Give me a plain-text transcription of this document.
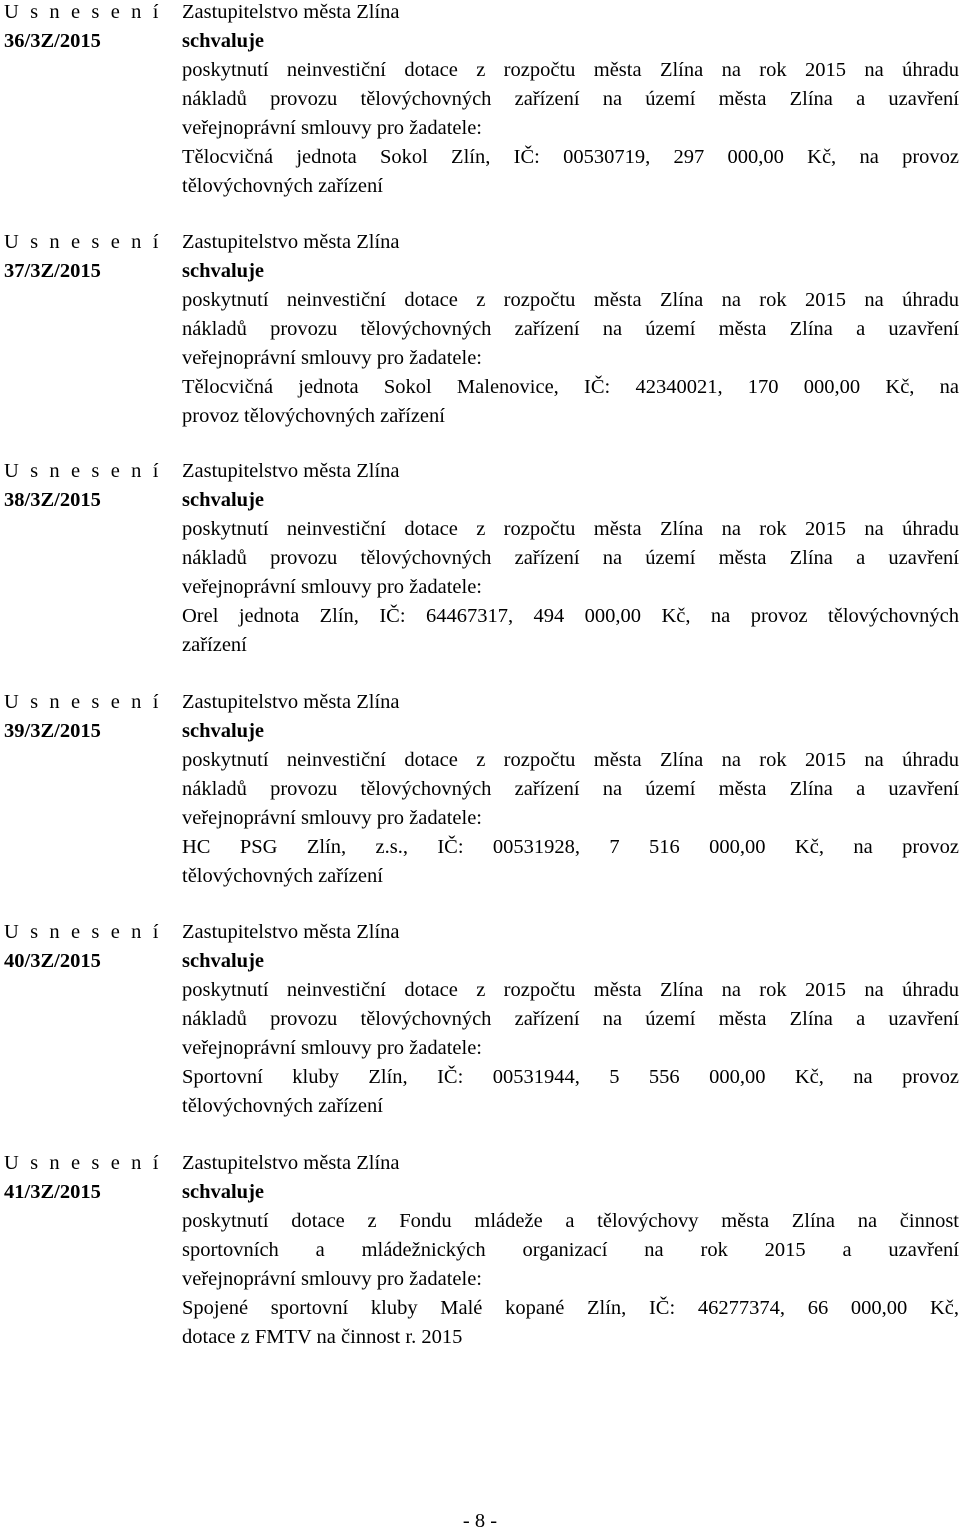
U s n e s e n í
36/3Z/2015
Zastupitelstvo města Zlína
schvaluje
poskytnutí neinvestiční dotace z rozpočtu města Zlína na rok 2015 na úhradu
nákladů provozu tělovýchovných zařízení na území města Zlína a uzavření
veřejnoprávní smlouvy pro žadatele:
Tělocvičná jednota Sokol Zlín, IČ: 00530719, 297 000,00 Kč, na provoz
tělovýchovných zařízení
U s n e s e n í
37/3Z/2015
Zastupitelstvo města Zlína
schvaluje
poskytnutí neinvestiční dotace z rozpočtu města Zlína na rok 2015 na úhradu
nákladů provozu tělovýchovných zařízení na území města Zlína a uzavření
veřejnoprávní smlouvy pro žadatele:
Tělocvičná jednota Sokol Malenovice, IČ: 42340021, 170 000,00 Kč, na
provoz tělovýchovných zařízení
U s n e s e n í
38/3Z/2015
Zastupitelstvo města Zlína
schvaluje
poskytnutí neinvestiční dotace z rozpočtu města Zlína na rok 2015 na úhradu
nákladů provozu tělovýchovných zařízení na území města Zlína a uzavření
veřejnoprávní smlouvy pro žadatele:
Orel jednota Zlín, IČ: 64467317, 494 000,00 Kč, na provoz tělovýchovných
zařízení
U s n e s e n í
39/3Z/2015
Zastupitelstvo města Zlína
schvaluje
poskytnutí neinvestiční dotace z rozpočtu města Zlína na rok 2015 na úhradu
nákladů provozu tělovýchovných zařízení na území města Zlína a uzavření
veřejnoprávní smlouvy pro žadatele:
HC PSG Zlín, z.s., IČ: 00531928, 7 516 000,00 Kč, na provoz
tělovýchovných zařízení
U s n e s e n í
40/3Z/2015
Zastupitelstvo města Zlína
schvaluje
poskytnutí neinvestiční dotace z rozpočtu města Zlína na rok 2015 na úhradu
nákladů provozu tělovýchovných zařízení na území města Zlína a uzavření
veřejnoprávní smlouvy pro žadatele:
Sportovní kluby Zlín, IČ: 00531944, 5 556 000,00 Kč, na provoz
tělovýchovných zařízení
U s n e s e n í
41/3Z/2015
Zastupitelstvo města Zlína
schvaluje
poskytnutí dotace z Fondu mládeže a tělovýchovy města Zlína na činnost
sportovních a mládežnických organizací na rok 2015 a uzavření
veřejnoprávní smlouvy pro žadatele:
Spojené sportovní kluby Malé kopané Zlín, IČ: 46277374, 66 000,00 Kč,
dotace z FMTV na činnost r. 2015
- 8 -
